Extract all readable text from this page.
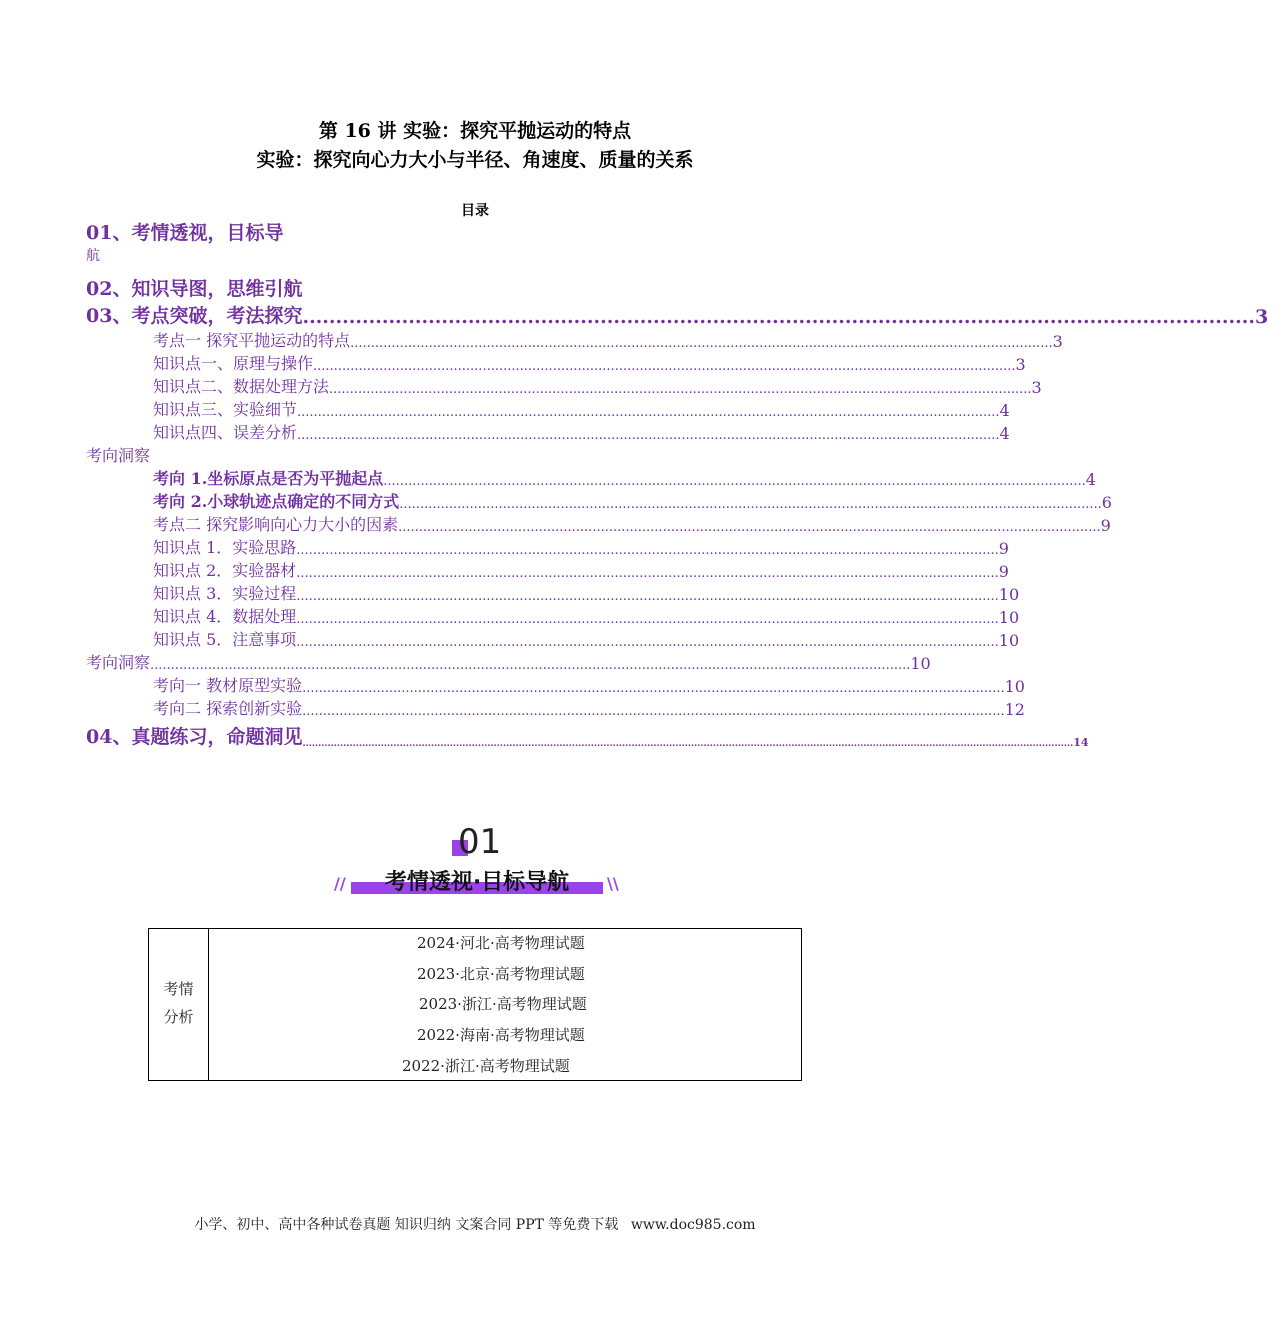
第 16 讲 实验：探究平抛运动的特点
实验：探究向心力大小与半径、角速度、质量的关系
目录
01、考情透视，目标导
航
02、知识导图，思维引航
03、考点突破，考法探究 ................................................................................................................................................ 3
考点一 探究平抛运动的特点 .......................................................................................................................................................................... 3
知识点一、原理与操作 .......................................................................................................................................................................... 3
知识点二、数据处理方法 .......................................................................................................................................................................... 3
知识点三、实验细节 .......................................................................................................................................................................... 4
知识点四、误差分析 .......................................................................................................................................................................... 4
考向洞察
考向 1.坐标原点是否为平抛起点 .......................................................................................................................................................................... 4
考向 2.小球轨迹点确定的不同方式 .......................................................................................................................................................................... 6
考点二 探究影响向心力大小的因素 .......................................................................................................................................................................... 9
知识点 1．实验思路 .......................................................................................................................................................................... 9
知识点 2．实验器材 .......................................................................................................................................................................... 9
知识点 3．实验过程 .......................................................................................................................................................................... 10
知识点 4．数据处理 .......................................................................................................................................................................... 10
知识点 5．注意事项 .......................................................................................................................................................................... 10
考向洞察 ........................................................................................................................................................................................ 10
考向一 教材原型实验 .......................................................................................................................................................................... 10
考向二 探索创新实验 .......................................................................................................................................................................... 12
04、真题练习，命题洞见 ...................................................................................................................................................................................................................................................... 14
01
//	考情透视·目标导航	\\
考情
分析
2024·河北·高考物理试题
2023·北京·高考物理试题
2023·浙江·高考物理试题
2022·海南·高考物理试题
2022·浙江·高考物理试题
小学、初中、高中各种试卷真题 知识归纳 文案合同 PPT 等免费下载 www.doc985.com
